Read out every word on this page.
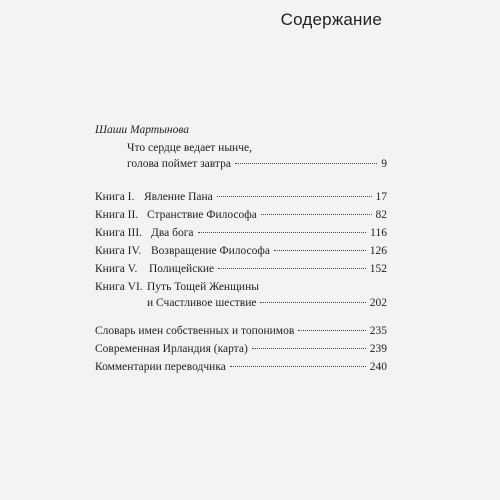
Содержание
Шаши Мартынова
Что сердце ведает нынче,
голова поймет завтра	9
Книга I. Явление Пана	17
Книга II. Странствие Философа	82
Книга III. Два бога	116
Книга IV. Возвращение Философа	126
Книга V. Полицейские	152
Книга VI. Путь Тощей Женщины
и Счастливое шествие	202
Словарь имен собственных и топонимов	235
Современная Ирландия (карта)	239
Комментарии переводчика	240
